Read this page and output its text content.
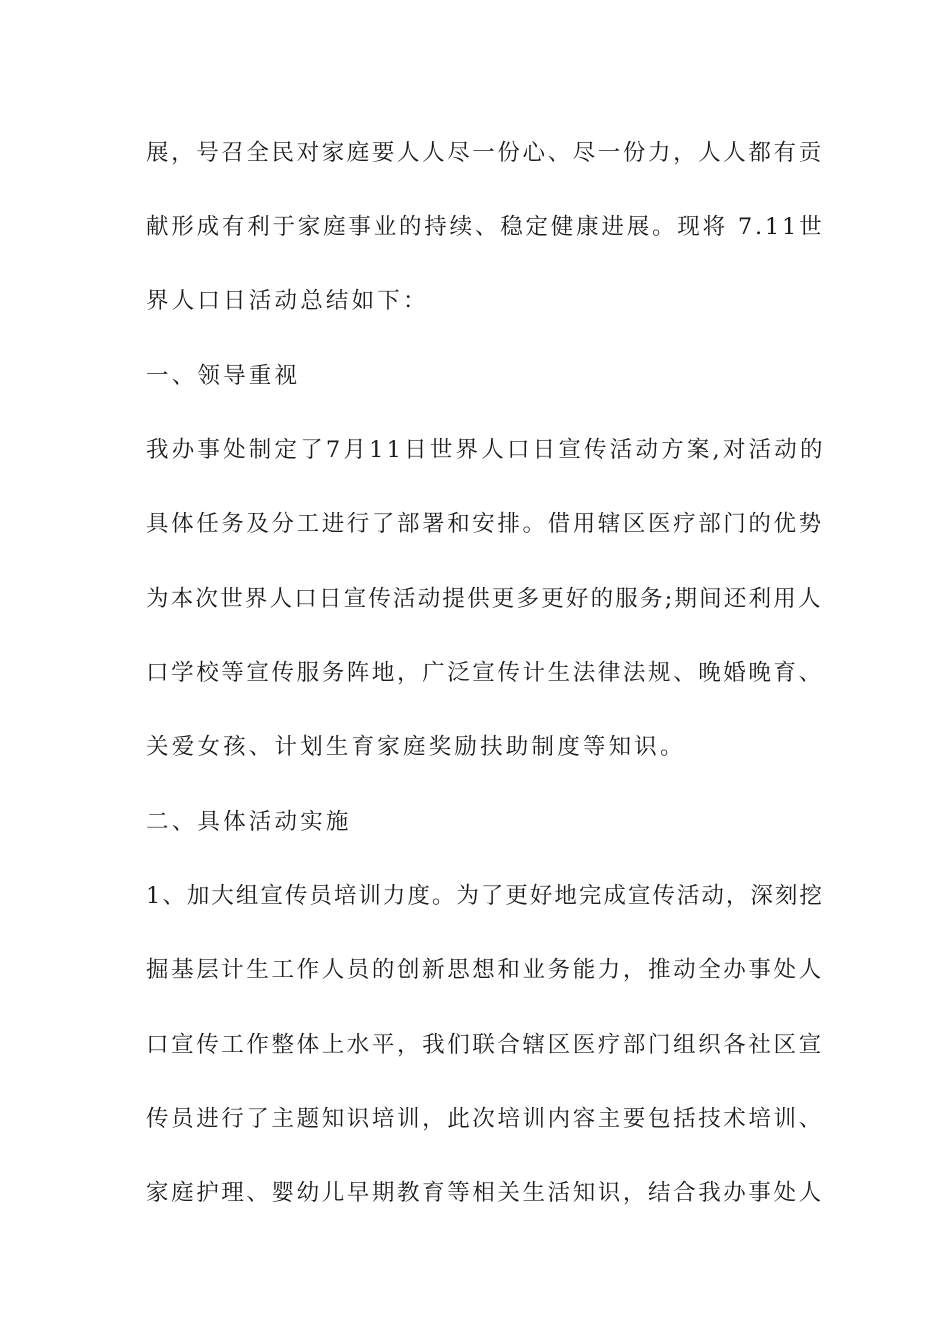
展，号召全民对家庭要人人尽一份心、尽一份力，人人都有贡
献形成有利于家庭事业的持续、稳定健康进展。现将 7.11世
界人口日活动总结如下：
一、领导重视
我办事处制定了7月11日世界人口日宣传活动方案,对活动的
具体任务及分工进行了部署和安排。借用辖区医疗部门的优势
为本次世界人口日宣传活动提供更多更好的服务;期间还利用人
口学校等宣传服务阵地，广泛宣传计生法律法规、晚婚晚育、
关爱女孩、计划生育家庭奖励扶助制度等知识。
二、具体活动实施
1、加大组宣传员培训力度。为了更好地完成宣传活动，深刻挖
掘基层计生工作人员的创新思想和业务能力，推动全办事处人
口宣传工作整体上水平，我们联合辖区医疗部门组织各社区宣
传员进行了主题知识培训，此次培训内容主要包括技术培训、
家庭护理、婴幼儿早期教育等相关生活知识，结合我办事处人
